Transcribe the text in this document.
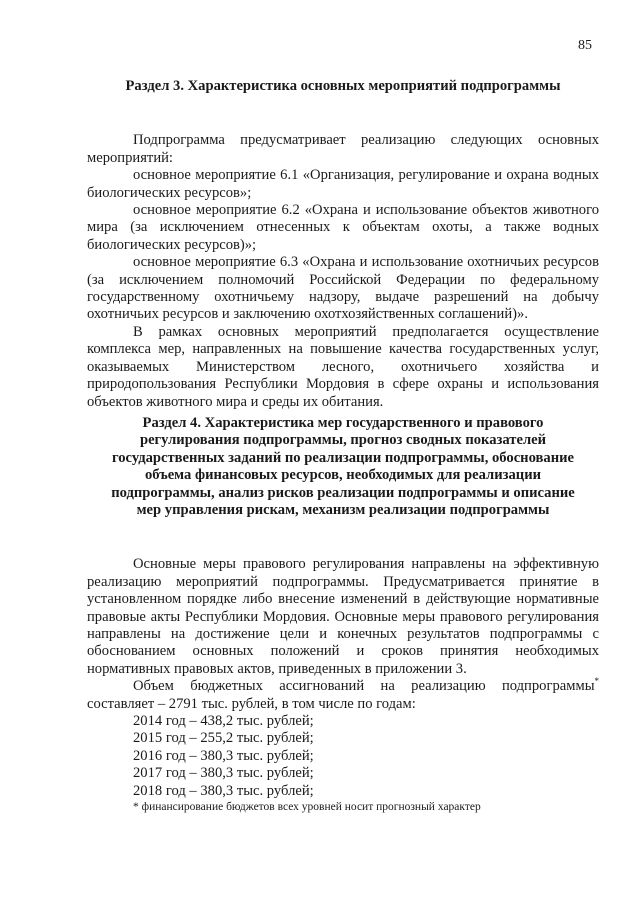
85
Раздел 3. Характеристика основных мероприятий подпрограммы

Подпрограмма предусматривает реализацию следующих основных мероприятий:

основное мероприятие 6.1 «Организация, регулирование и охрана водных биологических ресурсов»;

основное мероприятие 6.2 «Охрана и использование объектов животного мира (за исключением отнесенных к объектам охоты, а также водных биологических ресурсов)»;

основное мероприятие 6.3 «Охрана и использование охотничьих ресурсов (за исключением полномочий Российской Федерации по федеральному государственному охотничьему надзору, выдаче разрешений на добычу охотничьих ресурсов и заключению охотхозяйственных соглашений)».

В рамках основных мероприятий предполагается осуществление комплекса мер, направленных на повышение качества государственных услуг, оказываемых Министерством лесного, охотничьего хозяйства и природопользования Республики Мордовия в сфере охраны и использования объектов животного мира и среды их обитания.

Раздел 4. Характеристика мер государственного и правового
регулирования подпрограммы, прогноз сводных показателей
государственных заданий по реализации подпрограммы, обоснование
объема финансовых ресурсов, необходимых для реализации
подпрограммы, анализ рисков реализации подпрограммы и описание
мер управления рискам, механизм реализации подпрограммы

Основные меры правового регулирования направлены на эффективную реализацию мероприятий подпрограммы. Предусматривается принятие в установленном порядке либо внесение изменений в действующие нормативные правовые акты Республики Мордовия. Основные меры правового регулирования направлены на достижение цели и конечных результатов подпрограммы с обоснованием основных положений и сроков принятия необходимых нормативных правовых актов, приведенных в приложении 3.

Объем бюджетных ассигнований на реализацию подпрограммы* составляет – 2791 тыс. рублей, в том числе по годам:

2014 год – 438,2 тыс. рублей;
2015 год – 255,2 тыс. рублей;
2016 год – 380,3 тыс. рублей;
2017 год – 380,3 тыс. рублей;
2018 год – 380,3 тыс. рублей;
* финансирование бюджетов всех уровней носит прогнозный характер
